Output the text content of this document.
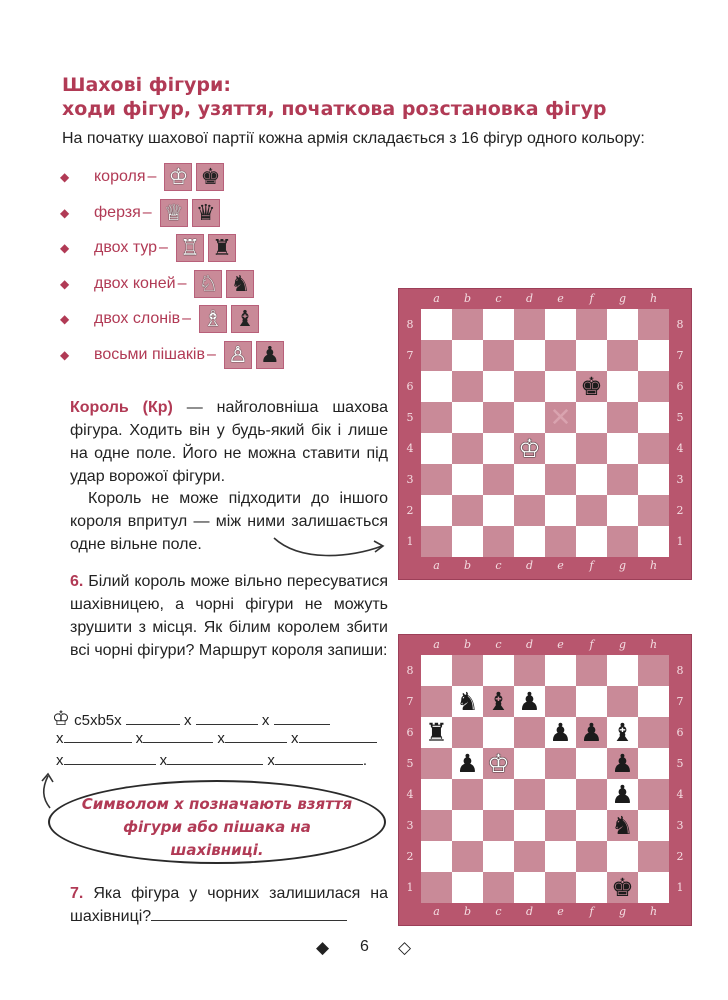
Шахові фігури:
ходи фігур, узяття, початкова розстановка фігур
На початку шахової партії кожна армія складається з 16 фігур одного кольору:
◆	короля – ♔ ♚
◆	ферзя – ♕ ♛
◆	двох тур – ♖ ♜
◆	двох коней – ♘ ♞
◆	двох слонів – ♗ ♝
◆	восьми пішаків – ♙ ♟
Король (Кр) — найголовніша шахова фігура. Ходить він у будь-який бік і лише на одне поле. Його не можна ставити під удар ворожої фігури.
Король не може підходити до іншого короля впритул — між ними залишається одне вільне поле.
6. Білий король може вільно пересуватися шахівницею, а чорні фігури не можуть зрушити з місця. Як білим королем збити всі чорні фігури? Маршрут короля запиши:
♔ c5xb5x	x	x
x	x	x	x
x	x	x	.
Символом х позначають взяття фігури або пішака на шахівниці.
7. Яка фігура у чорних залишилася на шахівниці?
a
a
b
b
c
c
d
d
e
e
f
f
g
g
h
h
8	8
7	7
6	6
5	5
4	4
3	3
2	2
1	1
♚
♔
✕
a
a
b
b
c
c
d
d
e
e
f
f
g
g
h
h
8	8
7	7
6	6
5	5
4	4
3	3
2	2
1	1
♞ ♝ ♟
♜	♟ ♟ ♝
♟ ♔	♟
♟
♞
♚
◆ 6 ◇
